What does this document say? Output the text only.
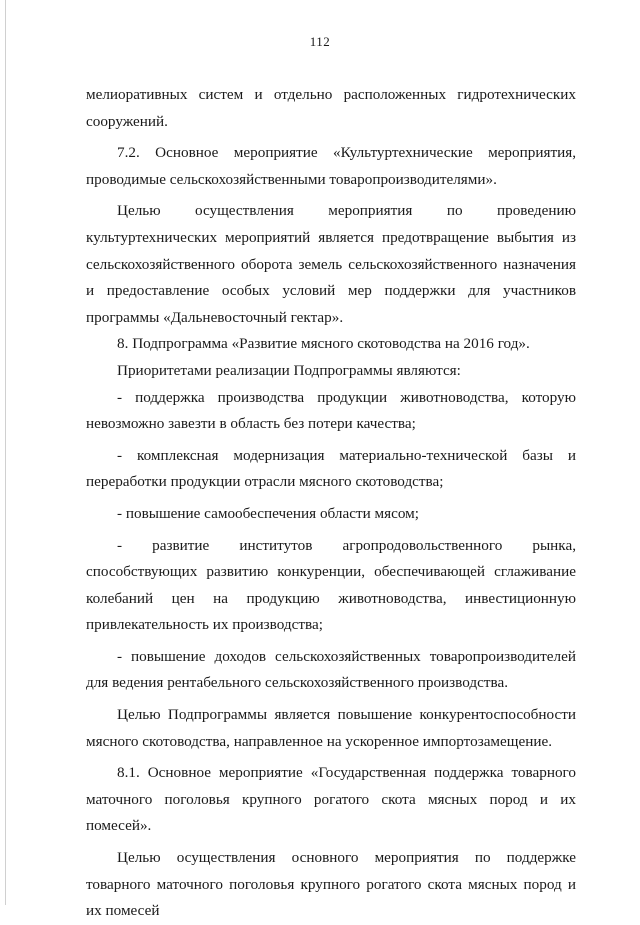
112

мелиоративных систем и отдельно расположенных гидротехнических сооружений.

7.2. Основное мероприятие «Культуртехнические мероприятия, проводимые сельскохозяйственными товаропроизводителями».

Целью осуществления мероприятия по проведению культуртехнических мероприятий является предотвращение выбытия из сельскохозяйственного оборота земель сельскохозяйственного назначения и предоставление особых условий мер поддержки для участников программы «Дальневосточный гектар».

8. Подпрограмма «Развитие мясного скотоводства на 2016 год».

Приоритетами реализации Подпрограммы являются:

- поддержка производства продукции животноводства, которую невозможно завезти в область без потери качества;

- комплексная модернизация материально-технической базы и переработки продукции отрасли мясного скотоводства;

- повышение самообеспечения области мясом;

- развитие институтов агропродовольственного рынка, способствующих развитию конкуренции, обеспечивающей сглаживание колебаний цен на продукцию животноводства, инвестиционную привлекательность их производства;

- повышение доходов сельскохозяйственных товаропроизводителей для ведения рентабельного сельскохозяйственного производства.

Целью Подпрограммы является повышение конкурентоспособности мясного скотоводства, направленное на ускоренное импортозамещение.

8.1. Основное мероприятие «Государственная поддержка товарного маточного поголовья крупного рогатого скота мясных пород и их помесей».

Целью осуществления основного мероприятия по поддержке товарного маточного поголовья крупного рогатого скота мясных пород и их помесей
